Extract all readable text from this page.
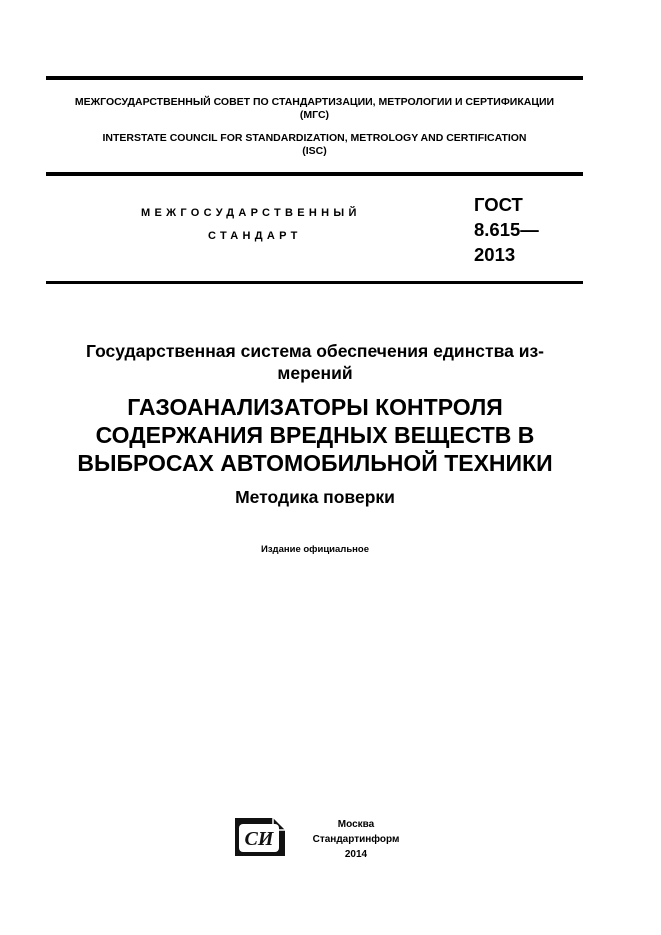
МЕЖГОСУДАРСТВЕННЫЙ СОВЕТ ПО СТАНДАРТИЗАЦИИ, МЕТРОЛОГИИ И СЕРТИФИКАЦИИ
(МГС)
INTERSTATE COUNCIL FOR STANDARDIZATION, METROLOGY AND CERTIFICATION
(ISC)
МЕЖГОСУДАРСТВЕННЫЙ
СТАНДАРТ
ГОСТ
8.615—
2013
Государственная система обеспечения единства из-
мерений
ГАЗОАНАЛИЗАТОРЫ КОНТРОЛЯ
СОДЕРЖАНИЯ ВРЕДНЫХ ВЕЩЕСТВ В
ВЫБРОСАХ АВТОМОБИЛЬНОЙ ТЕХНИКИ
Методика поверки
Издание официальное
СИ
Москва
Стандартинформ
2014
